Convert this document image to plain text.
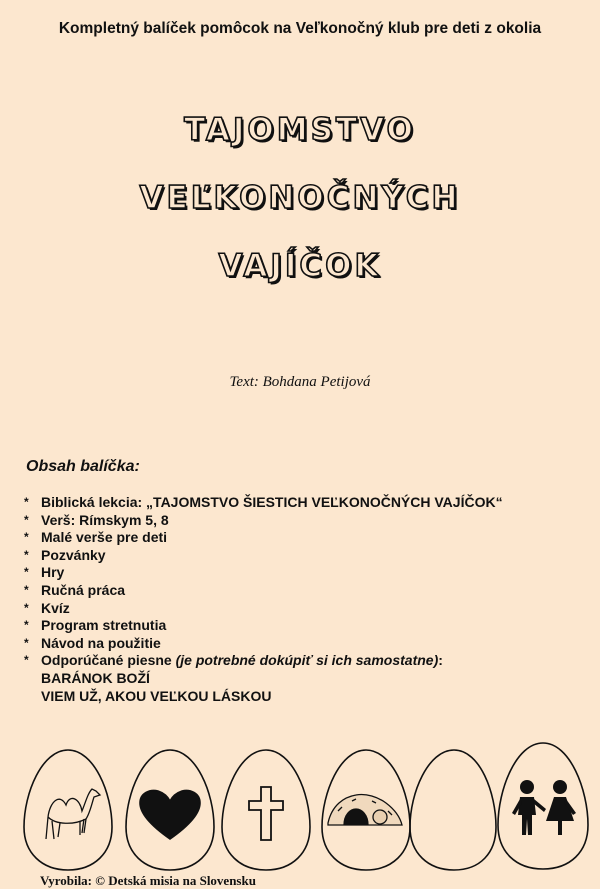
Kompletný balíček pomôcok na Veľkonočný klub pre deti z okolia
TAJOMSTVO
VEĽKONOČNÝCH
VAJÍČOK
Text: Bohdana Petijová
Obsah balíčka:
* Biblická lekcia: „TAJOMSTVO ŠIESTICH VEĽKONOČNÝCH VAJÍČOK“
* Verš: Rímskym 5, 8
* Malé verše pre deti
* Pozvánky
* Hry
* Ručná práca
* Kvíz
* Program stretnutia
* Návod na použitie
* Odporúčané piesne (je potrebné dokúpiť si ich samostatne):
BARÁNOK BOŽÍ
VIEM UŽ, AKOU VEĽKOU LÁSKOU
Vyrobila: © Detská misia na Slovensku
